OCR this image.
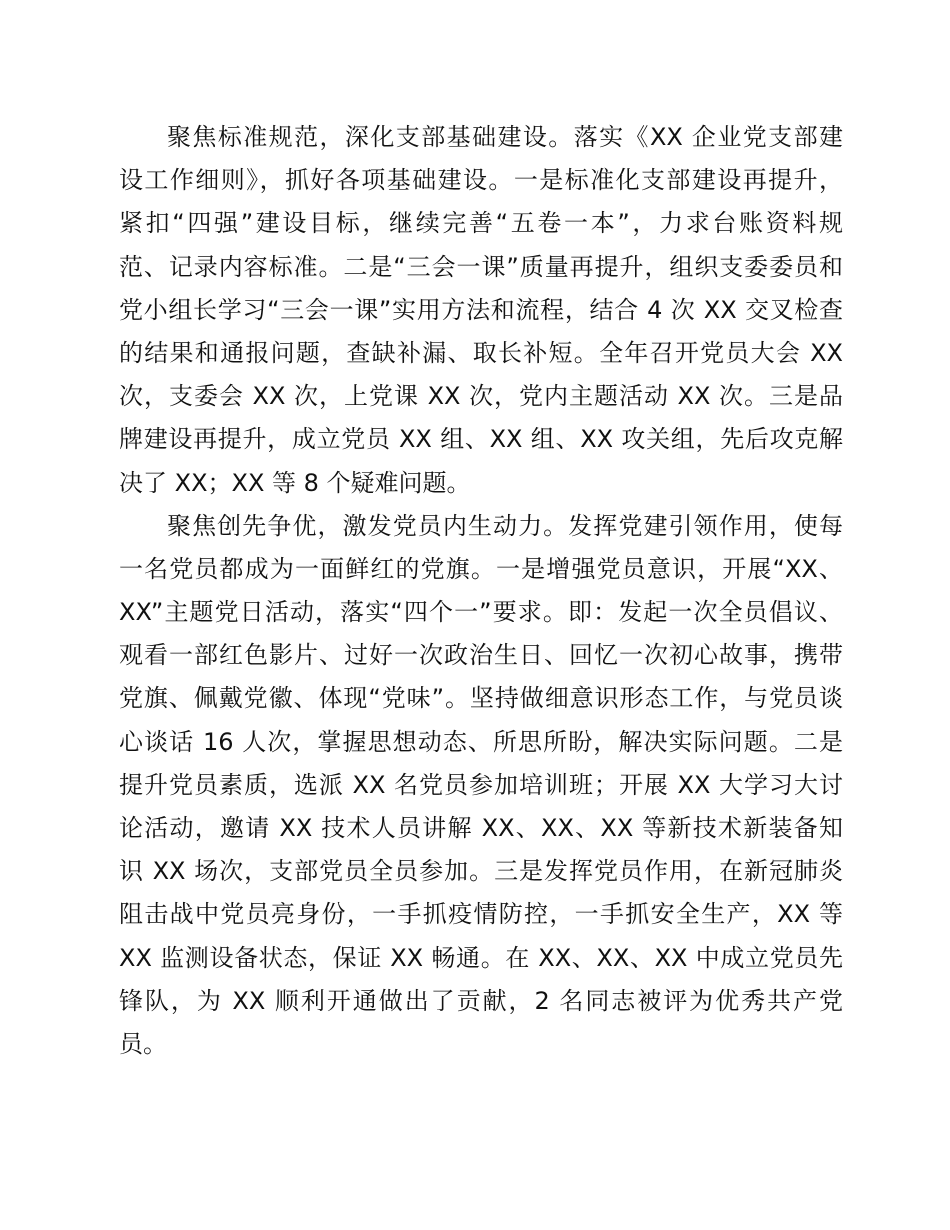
聚焦标准规范，深化支部基础建设。落实《XX 企业党支部建
设工作细则》，抓好各项基础建设。一是标准化支部建设再提升，
紧扣“四强”建设目标，继续完善“五卷一本”，力求台账资料规
范、记录内容标准。二是“三会一课”质量再提升，组织支委委员和
党小组长学习“三会一课”实用方法和流程，结合 4 次 XX 交叉检查
的结果和通报问题，查缺补漏、取长补短。全年召开党员大会 XX
次，支委会 XX 次，上党课 XX 次，党内主题活动 XX 次。三是品
牌建设再提升，成立党员 XX 组、XX 组、XX 攻关组，先后攻克解
决了 XX；XX 等 8 个疑难问题。
聚焦创先争优，激发党员内生动力。发挥党建引领作用，使每
一名党员都成为一面鲜红的党旗。一是增强党员意识，开展“XX、
XX”主题党日活动，落实“四个一”要求。即：发起一次全员倡议、
观看一部红色影片、过好一次政治生日、回忆一次初心故事，携带
党旗、佩戴党徽、体现“党味”。坚持做细意识形态工作，与党员谈
心谈话 16 人次，掌握思想动态、所思所盼，解决实际问题。二是
提升党员素质，选派 XX 名党员参加培训班；开展 XX 大学习大讨
论活动，邀请 XX 技术人员讲解 XX、XX、XX 等新技术新装备知
识 XX 场次，支部党员全员参加。三是发挥党员作用，在新冠肺炎
阻击战中党员亮身份，一手抓疫情防控，一手抓安全生产，XX 等
XX 监测设备状态，保证 XX 畅通。在 XX、XX、XX 中成立党员先
锋队，为 XX 顺利开通做出了贡献，2 名同志被评为优秀共产党
员。
